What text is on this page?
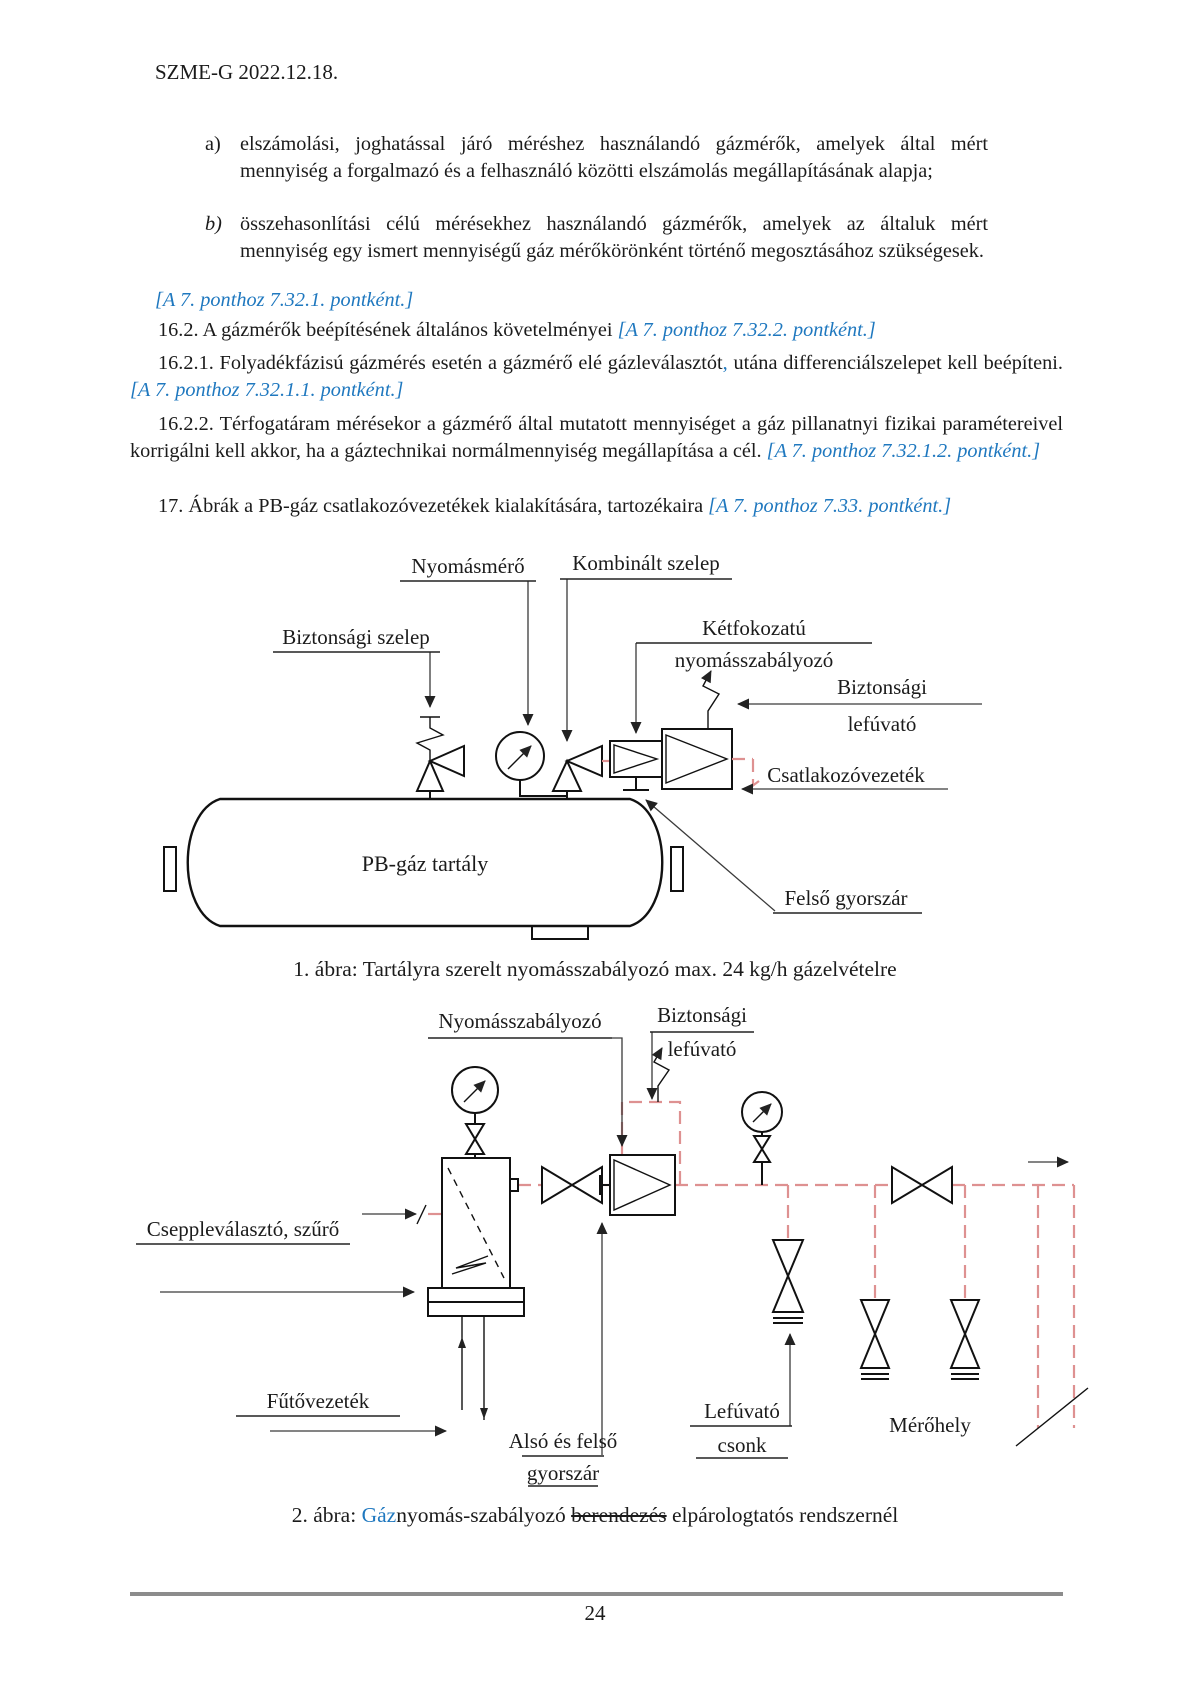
SZME-G 2022.12.18.
a) elszámolási, joghatással járó méréshez használandó gázmérők, amelyek által mért mennyiség a forgalmazó és a felhasználó közötti elszámolás megállapításának alapja;
b) összehasonlítási célú mérésekhez használandó gázmérők, amelyek az általuk mért mennyiség egy ismert mennyiségű gáz mérőkörönként történő megosztásához szükségesek.
[A 7. ponthoz 7.32.1. pontként.]
16.2. A gázmérők beépítésének általános követelményei [A 7. ponthoz 7.32.2. pontként.]
16.2.1. Folyadékfázisú gázmérés esetén a gázmérő elé gázleválasztót, utána differenciálszelepet kell beépíteni. [A 7. ponthoz 7.32.1.1. pontként.]
16.2.2. Térfogatáram mérésekor a gázmérő által mutatott mennyiséget a gáz pillanatnyi fizikai paramétereivel korrigálni kell akkor, ha a gáztechnikai normálmennyiség megállapítása a cél. [A 7. ponthoz 7.32.1.2. pontként.]
17. Ábrák a PB-gáz csatlakozóvezetékek kialakítására, tartozékaira [A 7. ponthoz 7.33. pontként.]
PB-gáz tartály
Nyomásmérő Kombinált szelep
Biztonsági szelep	Kétfokozatú
nyomásszabályozó
Biztonsági
lefúvató
Csatlakozóvezeték
Felső gyorszár
1. ábra: Tartályra szerelt nyomásszabályozó max. 24 kg/h gázelvételre
Nyomásszabályozó	Biztonsági
lefúvató
Cseppleválasztó, szűrő
Fűtővezeték
Alsó és felső
gyorszár
Lefúvató
csonk
Mérőhely
2. ábra: Gáznyomás-szabályozó berendezés elpárologtatós rendszernél
24
